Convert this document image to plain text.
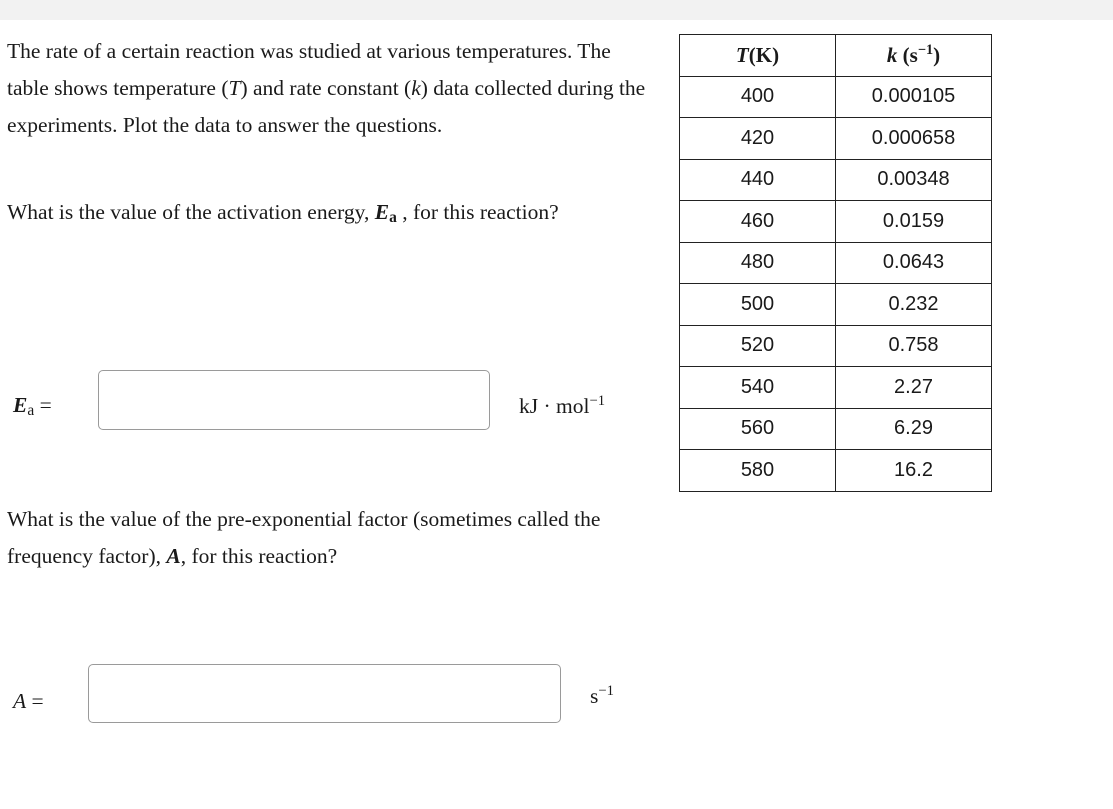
The rate of a certain reaction was studied at various temperatures. The table shows temperature (T) and rate constant (k) data collected during the experiments. Plot the data to answer the questions.

What is the value of the activation energy, Ea , for this reaction?

Ea =	kJ · mol$^{-1}$

What is the value of the pre-exponential factor (sometimes called the frequency factor), A, for this reaction?

A =	$s^{-1}$
T(K)	k $(s^{-1})$
400	0.000105
420	0.000658
440	0.00348
460	0.0159
480	0.0643
500	0.232
520	0.758
540	2.27
560	6.29
580	16.2
